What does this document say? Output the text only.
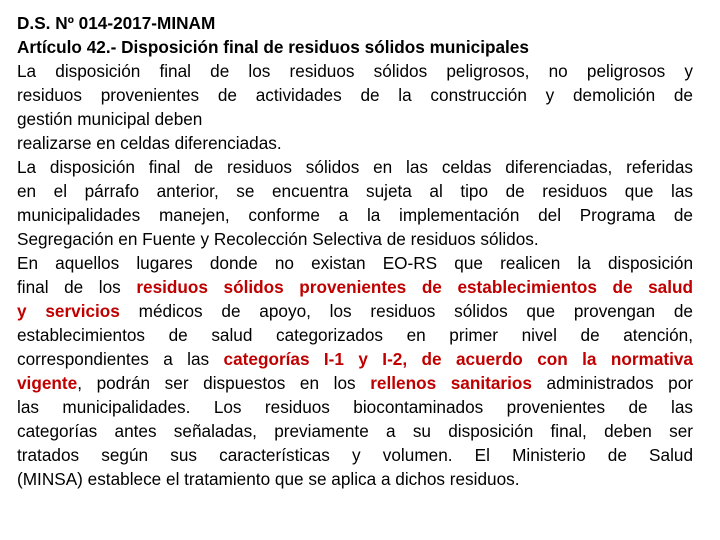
D.S. Nº 014-2017-MINAM
Artículo 42.- Disposición final de residuos sólidos municipales
La disposición final de los residuos sólidos peligrosos, no peligrosos y
residuos provenientes de actividades de la construcción y demolición de
gestión municipal deben
realizarse en celdas diferenciadas.
La disposición final de residuos sólidos en las celdas diferenciadas, referidas
en el párrafo anterior, se encuentra sujeta al tipo de residuos que las
municipalidades manejen, conforme a la implementación del Programa de
Segregación en Fuente y Recolección Selectiva de residuos sólidos.
En aquellos lugares donde no existan EO-RS que realicen la disposición
final de los residuos sólidos provenientes de establecimientos de salud
y servicios médicos de apoyo, los residuos sólidos que provengan de
establecimientos de salud categorizados en primer nivel de atención,
correspondientes a las categorías I-1 y I-2, de acuerdo con la normativa
vigente, podrán ser dispuestos en los rellenos sanitarios administrados por
las municipalidades. Los residuos biocontaminados provenientes de las
categorías antes señaladas, previamente a su disposición final, deben ser
tratados según sus características y volumen. El Ministerio de Salud
(MINSA) establece el tratamiento que se aplica a dichos residuos.
